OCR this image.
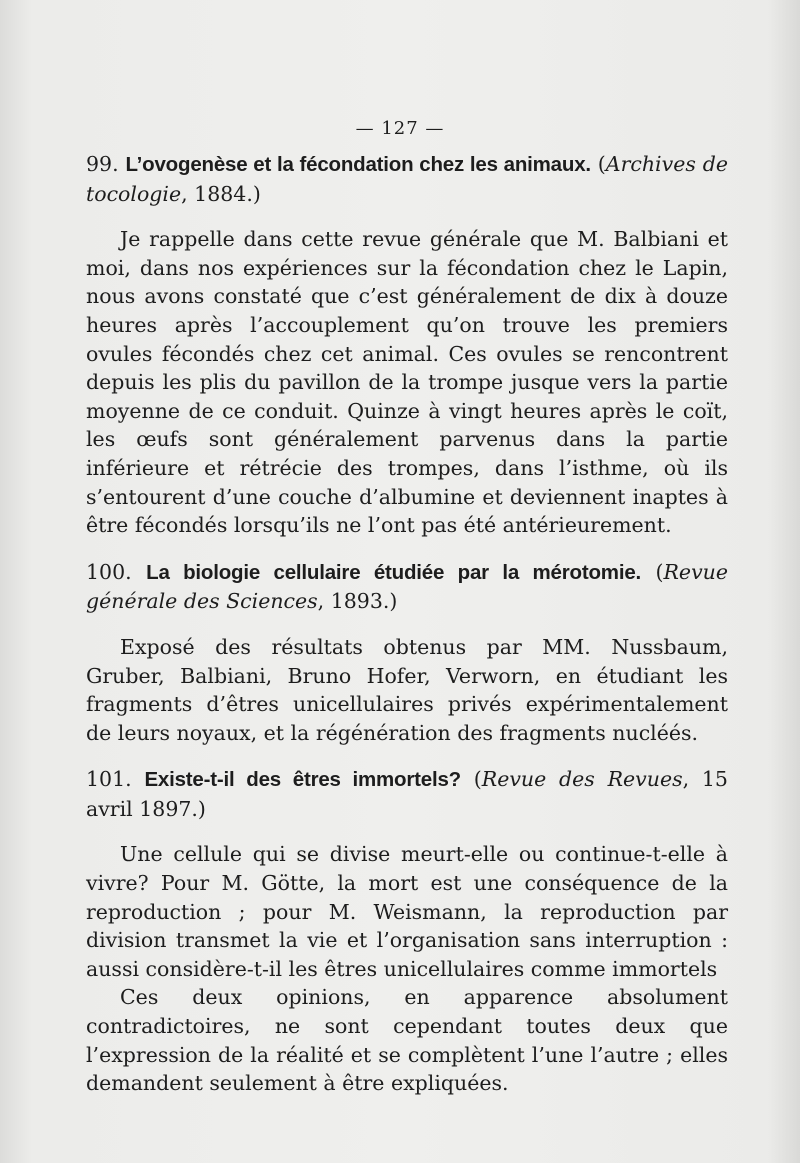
— 127 —

99. L’ovogenèse et la fécondation chez les animaux. (Archives de tocologie, 1884.)

Je rappelle dans cette revue générale que M. Balbiani et moi, dans nos expériences sur la fécondation chez le Lapin, nous avons constaté que c’est généralement de dix à douze heures après l’accouplement qu’on trouve les premiers ovules fécondés chez cet animal. Ces ovules se rencontrent depuis les plis du pavillon de la trompe jusque vers la partie moyenne de ce conduit. Quinze à vingt heures après le coït, les œufs sont généralement parvenus dans la partie inférieure et rétrécie des trompes, dans l’isthme, où ils s’entourent d’une couche d’albumine et deviennent inaptes à être fécondés lorsqu’ils ne l’ont pas été antérieurement.

100. La biologie cellulaire étudiée par la mérotomie. (Revue générale des Sciences, 1893.)

Exposé des résultats obtenus par MM. Nussbaum, Gruber, Balbiani, Bruno Hofer, Verworn, en étudiant les fragments d’êtres unicellulaires privés expérimentalement de leurs noyaux, et la régénération des fragments nucléés.

101. Existe-t-il des êtres immortels? (Revue des Revues, 15 avril 1897.)

Une cellule qui se divise meurt-elle ou continue-t-elle à vivre? Pour M. Götte, la mort est une conséquence de la reproduction ; pour M. Weismann, la reproduction par division transmet la vie et l’organisation sans interruption : aussi considère-t-il les êtres unicellulaires comme immortels

Ces deux opinions, en apparence absolument contradictoires, ne sont cependant toutes deux que l’expression de la réalité et se complètent l’une l’autre ; elles demandent seulement à être expliquées.
